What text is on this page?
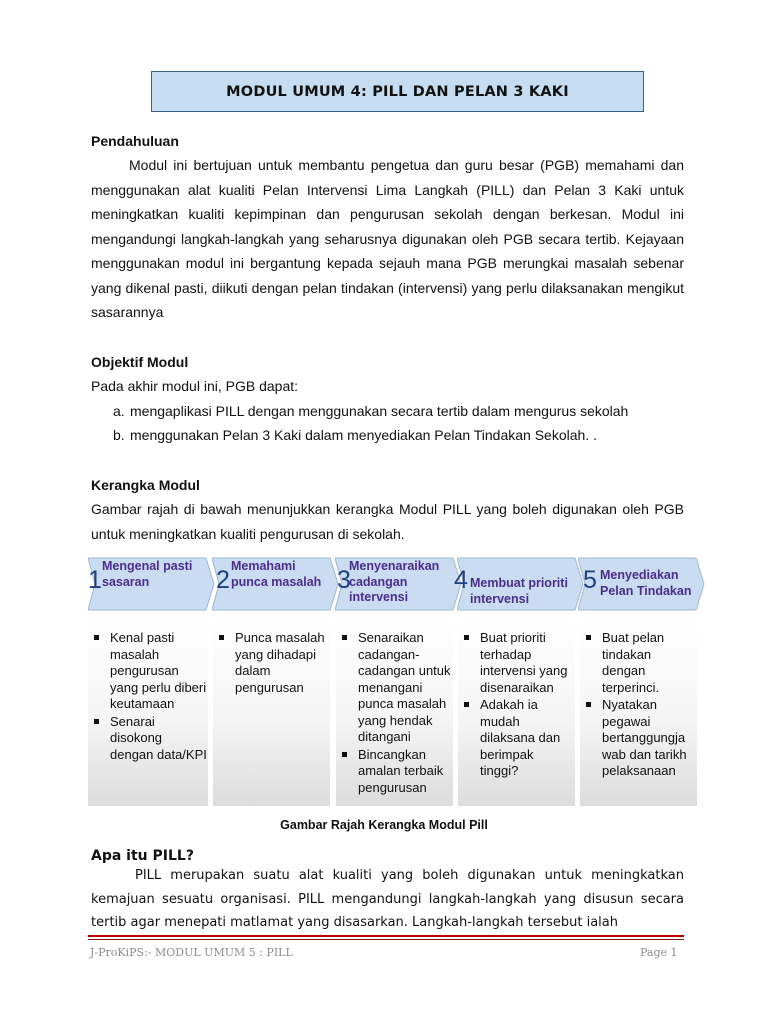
MODUL UMUM 4: PILL DAN PELAN 3 KAKI
Pendahuluan

Modul ini bertujuan untuk membantu pengetua dan guru besar (PGB) memahami dan menggunakan alat kualiti Pelan Intervensi Lima Langkah (PILL) dan Pelan 3 Kaki untuk meningkatkan kualiti kepimpinan dan pengurusan sekolah dengan berkesan. Modul ini mengandungi langkah-langkah yang seharusnya digunakan oleh PGB secara tertib. Kejayaan menggunakan modul ini bergantung kepada sejauh mana PGB merungkai masalah sebenar yang dikenal pasti, diikuti dengan pelan tindakan (intervensi) yang perlu dilaksanakan mengikut sasarannya

Objektif Modul
Pada akhir modul ini, PGB dapat:
a. mengaplikasi PILL dengan menggunakan secara tertib dalam mengurus sekolah
b. menggunakan Pelan 3 Kaki dalam menyediakan Pelan Tindakan Sekolah. .
Kerangka Modul

Gambar rajah di bawah menunjukkan kerangka Modul PILL yang boleh digunakan oleh PGB untuk meningkatkan kualiti pengurusan di sekolah.

1 Mengenal pasti sasaran
Kenal pasti masalah pengurusan yang perlu diberi keutamaan
Senarai disokong dengan data/KPI
2 Memahami punca masalah
Punca masalah yang dihadapi dalam pengurusan
3
Menyenaraikan cadangan intervensi
Senaraikan cadangan-cadangan untuk menangani punca masalah yang hendak ditangani
Bincangkan amalan terbaik pengurusan
4 Membuat prioriti intervensi
Buat prioriti terhadap intervensi yang disenaraikan
Adakah ia mudah dilaksana dan berimpak tinggi?
5 Menyediakan Pelan Tindakan
Buat pelan tindakan dengan terperinci.
Nyatakan pegawai bertanggungja wab dan tarikh pelaksanaan
Gambar Rajah Kerangka Modul Pill
Apa itu PILL?

PILL merupakan suatu alat kualiti yang boleh digunakan untuk meningkatkan kemajuan sesuatu organisasi. PILL mengandungi langkah-langkah yang disusun secara tertib agar menepati matlamat yang disasarkan. Langkah-langkah tersebut ialah

J-ProKiPS:- MODUL UMUM 5 : PILL	Page 1
